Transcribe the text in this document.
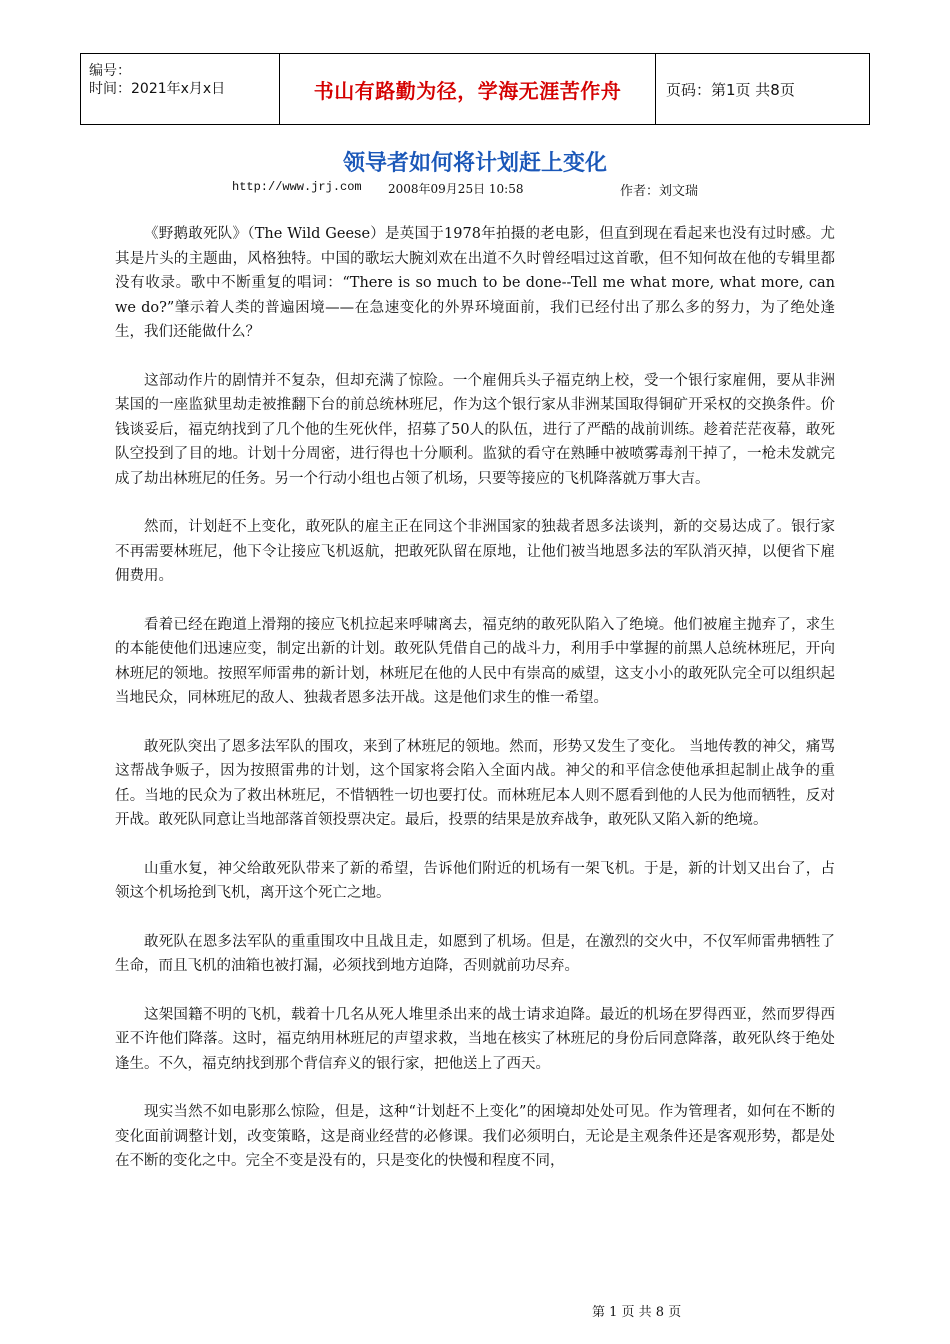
编号：
时间：2021年x月x日	书山有路勤为径，学海无涯苦作舟	页码：第1页 共8页
领导者如何将计划赶上变化
http://www.jrj.com 2008年09月25日 10:58	作者：刘文瑞

《野鹅敢死队》（The Wild Geese）是英国于1978年拍摄的老电影，但直到现在看起来也没有过时感。尤其是片头的主题曲，风格独特。中国的歌坛大腕刘欢在出道不久时曾经唱过这首歌，但不知何故在他的专辑里都没有收录。歌中不断重复的唱词：“There is so much to be done--Tell me what more, what more, can we do?”肇示着人类的普遍困境——在急速变化的外界环境面前，我们已经付出了那么多的努力，为了绝处逢生，我们还能做什么？

这部动作片的剧情并不复杂，但却充满了惊险。一个雇佣兵头子福克纳上校，受一个银行家雇佣，要从非洲某国的一座监狱里劫走被推翻下台的前总统林班尼，作为这个银行家从非洲某国取得铜矿开采权的交换条件。价钱谈妥后，福克纳找到了几个他的生死伙伴，招募了50人的队伍，进行了严酷的战前训练。趁着茫茫夜幕，敢死队空投到了目的地。计划十分周密，进行得也十分顺利。监狱的看守在熟睡中被喷雾毒剂干掉了，一枪未发就完成了劫出林班尼的任务。另一个行动小组也占领了机场，只要等接应的飞机降落就万事大吉。

然而，计划赶不上变化，敢死队的雇主正在同这个非洲国家的独裁者恩多法谈判，新的交易达成了。银行家不再需要林班尼，他下令让接应飞机返航，把敢死队留在原地，让他们被当地恩多法的军队消灭掉，以便省下雇佣费用。

看着已经在跑道上滑翔的接应飞机拉起来呼啸离去，福克纳的敢死队陷入了绝境。他们被雇主抛弃了，求生的本能使他们迅速应变，制定出新的计划。敢死队凭借自己的战斗力，利用手中掌握的前黑人总统林班尼，开向林班尼的领地。按照军师雷弗的新计划，林班尼在他的人民中有崇高的威望，这支小小的敢死队完全可以组织起当地民众，同林班尼的敌人、独裁者恩多法开战。这是他们求生的惟一希望。

敢死队突出了恩多法军队的围攻，来到了林班尼的领地。然而，形势又发生了变化。 当地传教的神父，痛骂这帮战争贩子，因为按照雷弗的计划，这个国家将会陷入全面内战。神父的和平信念使他承担起制止战争的重任。当地的民众为了救出林班尼，不惜牺牲一切也要打仗。而林班尼本人则不愿看到他的人民为他而牺牲，反对开战。敢死队同意让当地部落首领投票决定。最后，投票的结果是放弃战争，敢死队又陷入新的绝境。

山重水复，神父给敢死队带来了新的希望，告诉他们附近的机场有一架飞机。于是，新的计划又出台了，占领这个机场抢到飞机，离开这个死亡之地。

敢死队在恩多法军队的重重围攻中且战且走，如愿到了机场。但是，在激烈的交火中，不仅军师雷弗牺牲了生命，而且飞机的油箱也被打漏，必须找到地方迫降，否则就前功尽弃。

这架国籍不明的飞机，载着十几名从死人堆里杀出来的战士请求迫降。最近的机场在罗得西亚，然而罗得西亚不许他们降落。这时，福克纳用林班尼的声望求救，当地在核实了林班尼的身份后同意降落，敢死队终于绝处逢生。不久，福克纳找到那个背信弃义的银行家，把他送上了西天。

现实当然不如电影那么惊险，但是，这种“计划赶不上变化”的困境却处处可见。作为管理者，如何在不断的变化面前调整计划，改变策略，这是商业经营的必修课。我们必须明白，无论是主观条件还是客观形势，都是处在不断的变化之中。完全不变是没有的，只是变化的快慢和程度不同，

第 1 页 共 8 页
